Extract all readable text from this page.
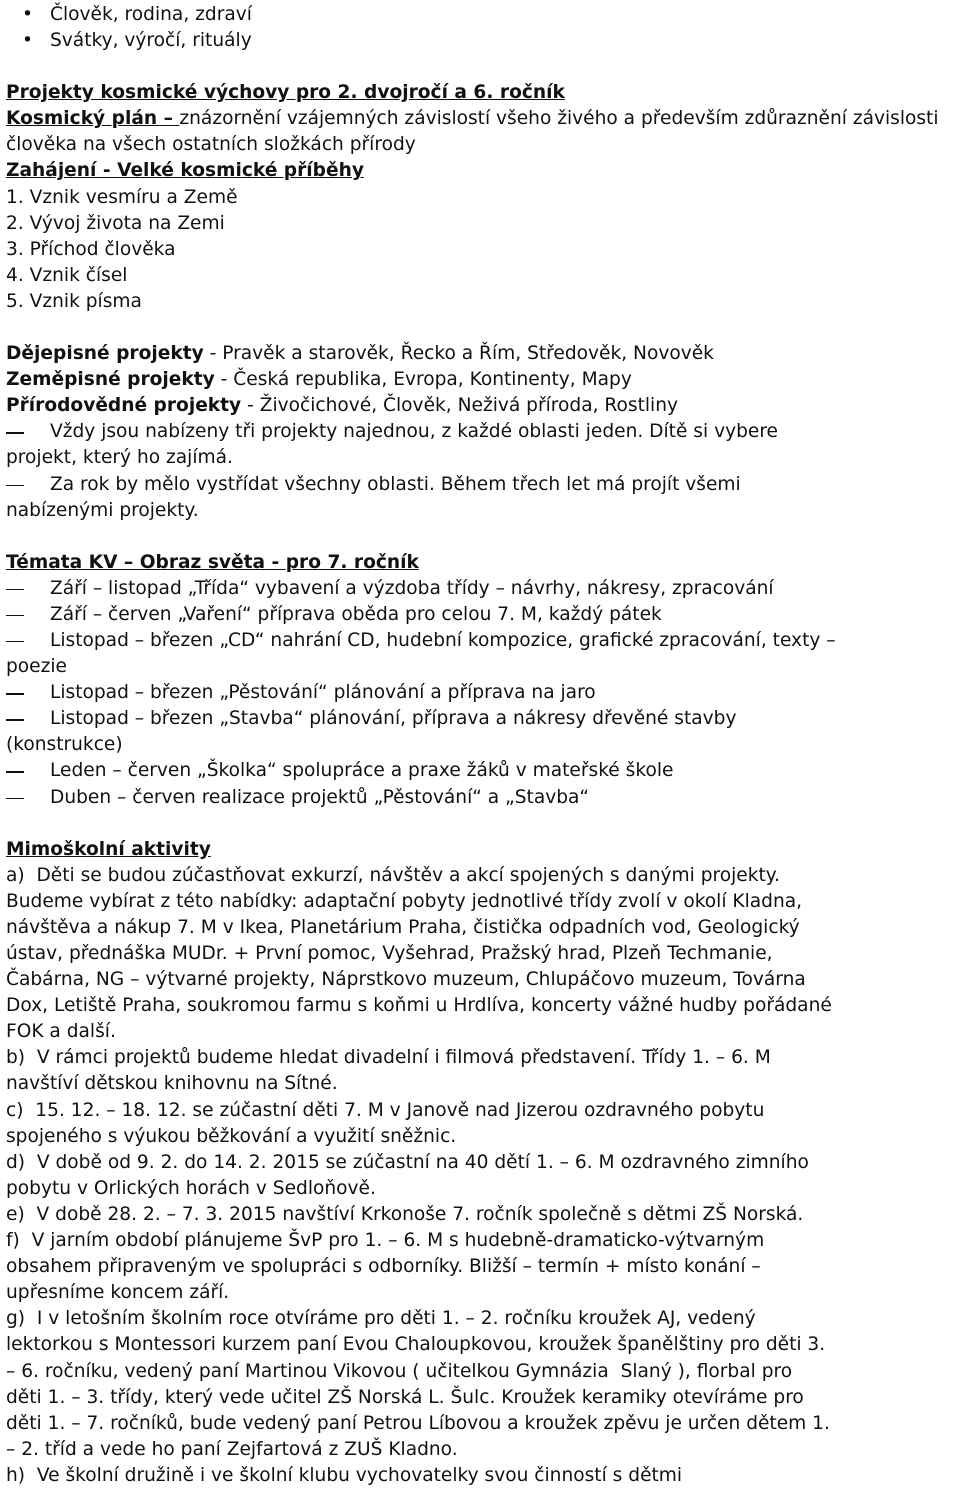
• Člověk, rodina, zdraví
• Svátky, výročí, rituály
Projekty kosmické výchovy pro 2. dvojročí a 6. ročník
Kosmický plán – znázornění vzájemných závislostí všeho živého a především zdůraznění závislosti člověka na všech ostatních složkách přírody
Zahájení - Velké kosmické příběhy
1. Vznik vesmíru a Země
2. Vývoj života na Zemi
3. Příchod člověka
4. Vznik čísel
5. Vznik písma
Dějepisné projekty - Pravěk a starověk, Řecko a Řím, Středověk, Novověk
Zeměpisné projekty - Česká republika, Evropa, Kontinenty, Mapy
Přírodovědné projekty - Živočichové, Člověk, Neživá příroda, Rostliny
Vždy jsou nabízeny tři projekty najednou, z každé oblasti jeden. Dítě si vybere
projekt, který ho zajímá.
Za rok by mělo vystřídat všechny oblasti. Během třech let má projít všemi
nabízenými projekty.
Témata KV – Obraz světa - pro 7. ročník
Září – listopad „Třída“ vybavení a výzdoba třídy – návrhy, nákresy, zpracování
Září – červen „Vaření“ příprava oběda pro celou 7. M, každý pátek
Listopad – březen „CD“ nahrání CD, hudební kompozice, grafické zpracování, texty –
poezie
Listopad – březen „Pěstování“ plánování a příprava na jaro
Listopad – březen „Stavba“ plánování, příprava a nákresy dřevěné stavby
(konstrukce)
Leden – červen „Školka“ spolupráce a praxe žáků v mateřské škole
Duben – červen realizace projektů „Pěstování“ a „Stavba“
Mimoškolní aktivity
a)  Děti se budou zúčastňovat exkurzí, návštěv a akcí spojených s danými projekty.
Budeme vybírat z této nabídky: adaptační pobyty jednotlivé třídy zvolí v okolí Kladna,
návštěva a nákup 7. M v Ikea, Planetárium Praha, čistička odpadních vod, Geologický
ústav, přednáška MUDr. + První pomoc, Vyšehrad, Pražský hrad, Plzeň Techmanie,
Čabárna, NG – výtvarné projekty, Náprstkovo muzeum, Chlupáčovo muzeum, Továrna
Dox, Letiště Praha, soukromou farmu s koňmi u Hrdlíva, koncerty vážné hudby pořádané
FOK a další.
b)  V rámci projektů budeme hledat divadelní i filmová představení. Třídy 1. – 6. M
navštíví dětskou knihovnu na Sítné.
c)  15. 12. – 18. 12. se zúčastní děti 7. M v Janově nad Jizerou ozdravného pobytu
spojeného s výukou běžkování a využití sněžnic.
d)  V době od 9. 2. do 14. 2. 2015 se zúčastní na 40 dětí 1. – 6. M ozdravného zimního
pobytu v Orlických horách v Sedloňově.
e)  V době 28. 2. – 7. 3. 2015 navštíví Krkonoše 7. ročník společně s dětmi ZŠ Norská.
f)  V jarním období plánujeme ŠvP pro 1. – 6. M s hudebně-dramaticko-výtvarným
obsahem připraveným ve spolupráci s odborníky. Bližší – termín + místo konání –
upřesníme koncem září.
g)  I v letošním školním roce otvíráme pro děti 1. – 2. ročníku kroužek AJ, vedený
lektorkou s Montessori kurzem paní Evou Chaloupkovou, kroužek španělštiny pro děti 3.
– 6. ročníku, vedený paní Martinou Vikovou ( učitelkou Gymnázia  Slaný ), florbal pro
děti 1. – 3. třídy, který vede učitel ZŠ Norská L. Šulc. Kroužek keramiky otevíráme pro
děti 1. – 7. ročníků, bude vedený paní Petrou Líbovou a kroužek zpěvu je určen dětem 1.
– 2. tříd a vede ho paní Zejfartová z ZUŠ Kladno.
h)  Ve školní družině i ve školní klubu vychovatelky svou činností s dětmi
